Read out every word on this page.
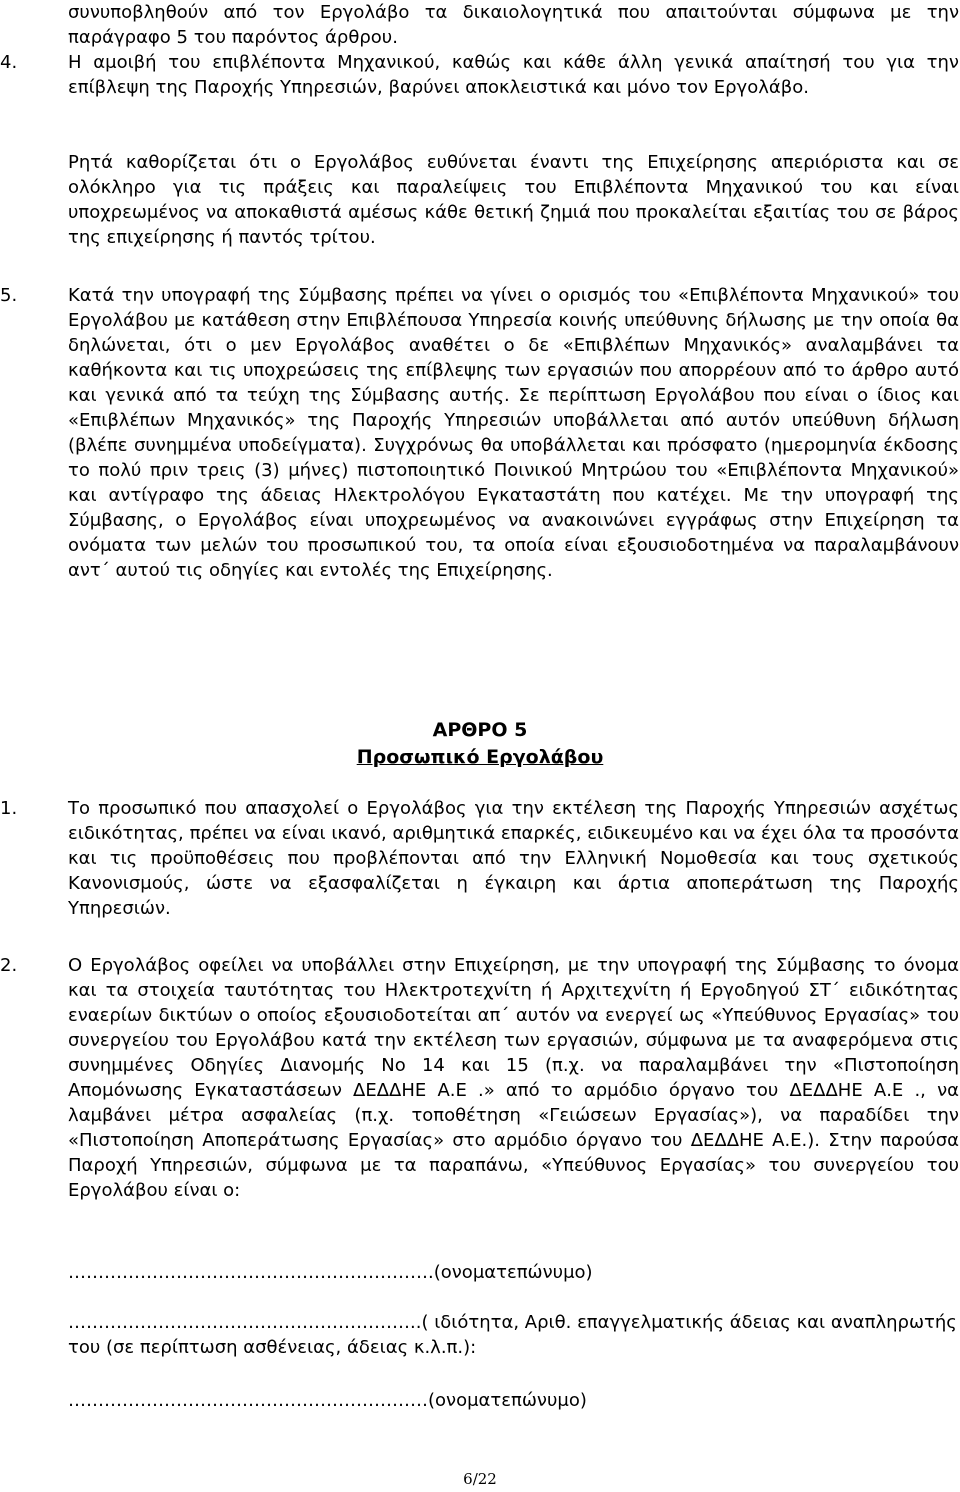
συνυποβληθούν από τον Εργολάβο τα δικαιολογητικά που απαιτούνται σύμφωνα με την παράγραφο 5 του παρόντος άρθρου.

4.	Η αμοιβή του επιβλέποντα Μηχανικού, καθώς και κάθε άλλη γενικά απαίτησή του για την επίβλεψη της Παροχής Υπηρεσιών, βαρύνει αποκλειστικά και μόνο τον Εργολάβο.

Ρητά καθορίζεται ότι ο Εργολάβος ευθύνεται έναντι της Επιχείρησης απεριόριστα και σε ολόκληρο για τις πράξεις και παραλείψεις του Επιβλέποντα Μηχανικού του και είναι υποχρεωμένος να αποκαθιστά αμέσως κάθε θετική ζημιά που προκαλείται εξαιτίας του σε βάρος της επιχείρησης ή παντός τρίτου.

5.	Κατά την υπογραφή της Σύμβασης πρέπει να γίνει ο ορισμός του «Επιβλέποντα Μηχανικού» του Εργολάβου με κατάθεση στην Επιβλέπουσα Υπηρεσία κοινής υπεύθυνης δήλωσης με την οποία θα δηλώνεται, ότι ο μεν Εργολάβος αναθέτει ο δε «Επιβλέπων Μηχανικός» αναλαμβάνει τα καθήκοντα και τις υποχρεώσεις της επίβλεψης των εργασιών που απορρέουν από το άρθρο αυτό και γενικά από τα τεύχη της Σύμβασης αυτής. Σε περίπτωση Εργολάβου που είναι ο ίδιος και «Επιβλέπων Μηχανικός» της Παροχής Υπηρεσιών υποβάλλεται από αυτόν υπεύθυνη δήλωση (βλέπε συνημμένα υποδείγματα). Συγχρόνως θα υποβάλλεται και πρόσφατο (ημερομηνία έκδοσης το πολύ πριν τρεις (3) μήνες) πιστοποιητικό Ποινικού Μητρώου του «Επιβλέποντα Μηχανικού» και αντίγραφο της άδειας Ηλεκτρολόγου Εγκαταστάτη που κατέχει. Με την υπογραφή της Σύμβασης, ο Εργολάβος είναι υποχρεωμένος να ανακοινώνει εγγράφως στην Επιχείρηση τα ονόματα των μελών του προσωπικού του, τα οποία είναι εξουσιοδοτημένα να παραλαμβάνουν αντ΄ αυτού τις οδηγίες και εντολές της Επιχείρησης.

ΑΡΘΡΟ 5
Προσωπικό Εργολάβου
1.	Το προσωπικό που απασχολεί ο Εργολάβος για την εκτέλεση της Παροχής Υπηρεσιών ασχέτως ειδικότητας, πρέπει να είναι ικανό, αριθμητικά επαρκές, ειδικευμένο και να έχει όλα τα προσόντα και τις προϋποθέσεις που προβλέπονται από την Ελληνική Νομοθεσία και τους σχετικούς Κανονισμούς, ώστε να εξασφαλίζεται η έγκαιρη και άρτια αποπεράτωση της Παροχής Υπηρεσιών.

2.	Ο Εργολάβος οφείλει να υποβάλλει στην Επιχείρηση, με την υπογραφή της Σύμβασης το όνομα και τα στοιχεία ταυτότητας του Ηλεκτροτεχνίτη ή Αρχιτεχνίτη ή Εργοδηγού ΣΤ΄ ειδικότητας εναερίων δικτύων ο οποίος εξουσιοδοτείται απ΄ αυτόν να ενεργεί ως «Υπεύθυνος Εργασίας» του συνεργείου του Εργολάβου κατά την εκτέλεση των εργασιών, σύμφωνα με τα αναφερόμενα στις συνημμένες Οδηγίες Διανομής Νο 14 και 15 (π.χ. να παραλαμβάνει την «Πιστοποίηση Απομόνωσης Εγκαταστάσεων ΔΕΔΔΗΕ Α.Ε .» από το αρμόδιο όργανο του ΔΕΔΔΗΕ Α.Ε ., να λαμβάνει μέτρα ασφαλείας (π.χ. τοποθέτηση «Γειώσεων Εργασίας»), να παραδίδει την «Πιστοποίηση Αποπεράτωσης Εργασίας» στο αρμόδιο όργανο του ΔΕΔΔΗΕ Α.Ε.). Στην παρούσα Παροχή Υπηρεσιών, σύμφωνα με τα παραπάνω, «Υπεύθυνος Εργασίας» του συνεργείου του Εργολάβου είναι ο:

…………………………………………………….(ονοματεπώνυμο)

…………………………………………………..( ιδιότητα, Αριθ. επαγγελματικής άδειας και αναπληρωτής του (σε περίπτωση ασθένειας, άδειας κ.λ.π.):

……………………………………………………(ονοματεπώνυμο)

6/22
